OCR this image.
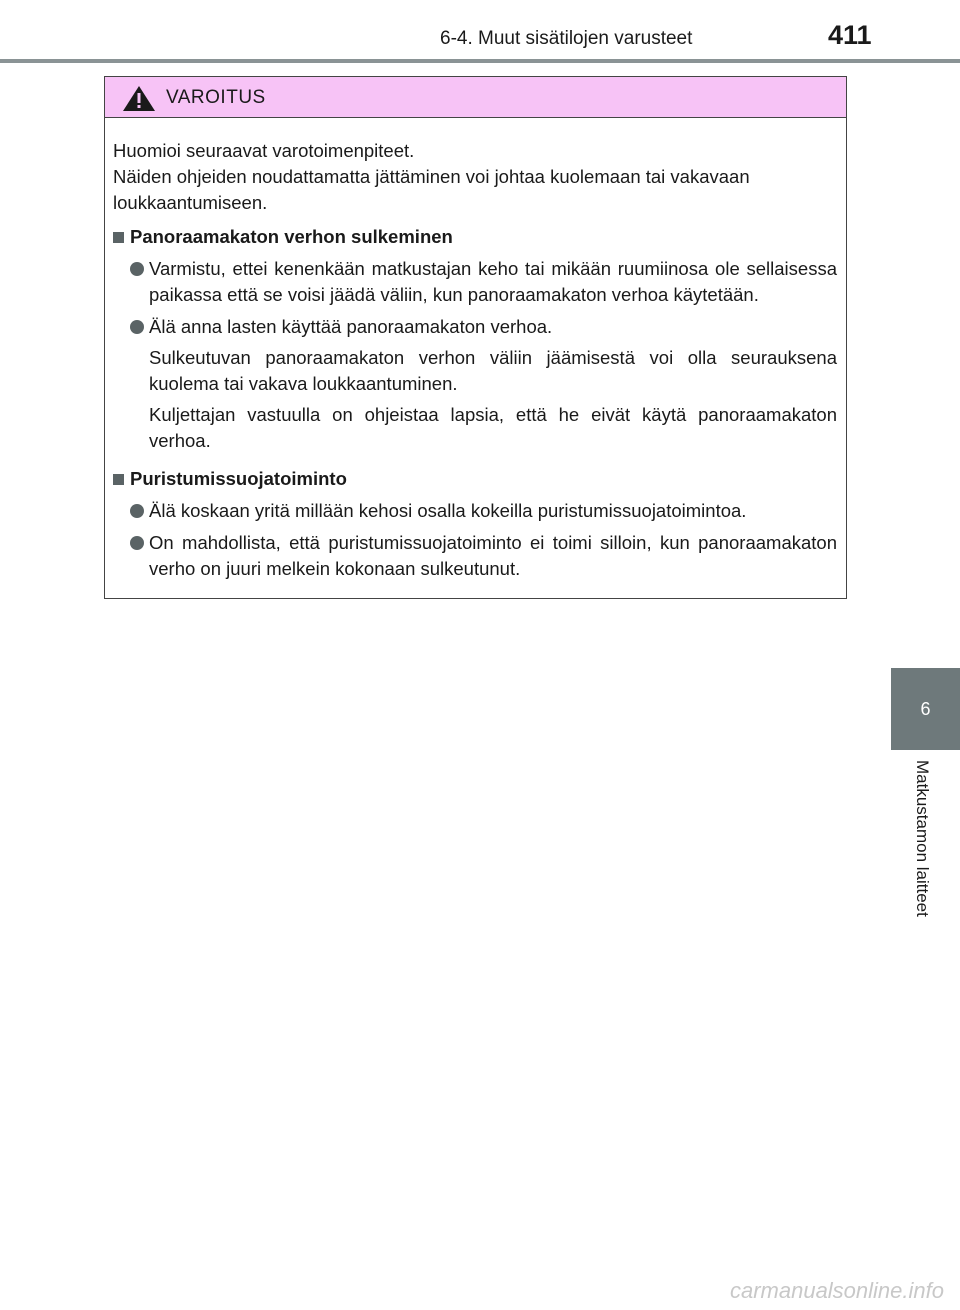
6-4. Muut sisätilojen varusteet	411
6
Matkustamon laitteet
VAROITUS

Huomioi seuraavat varotoimenpiteet.

Näiden ohjeiden noudattamatta jättäminen voi johtaa kuolemaan tai vakavaan loukkaantumiseen.

Panoraamakaton verhon sulkeminen

Varmistu, ettei kenenkään matkustajan keho tai mikään ruumiinosa ole sellaisessa paikassa että se voisi jäädä väliin, kun panoraamakaton verhoa käytetään.

Älä anna lasten käyttää panoraamakaton verhoa.

Sulkeutuvan panoraamakaton verhon väliin jäämisestä voi olla seurauksena kuolema tai vakava loukkaantuminen.

Kuljettajan vastuulla on ohjeistaa lapsia, että he eivät käytä panoraamakaton verhoa.

Puristumissuojatoiminto

Älä koskaan yritä millään kehosi osalla kokeilla puristumissuojatoimintoa.

On mahdollista, että puristumissuojatoiminto ei toimi silloin, kun panoraamakaton verho on juuri melkein kokonaan sulkeutunut.

carmanualsonline.info
